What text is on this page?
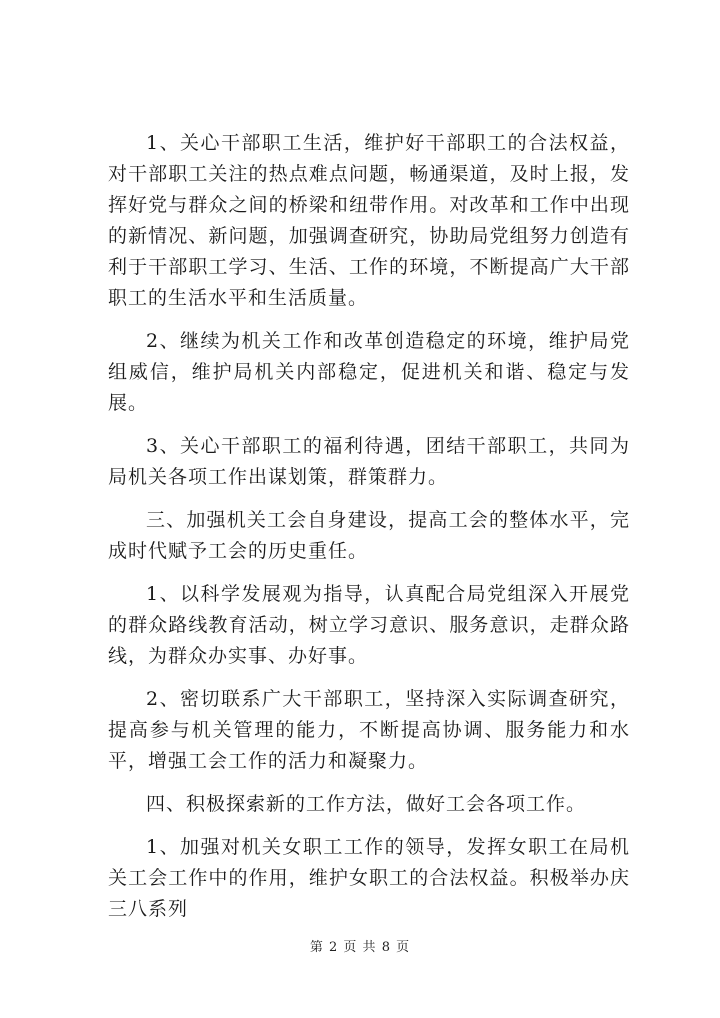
1、关心干部职工生活，维护好干部职工的合法权益，对干部职工关注的热点难点问题，畅通渠道，及时上报，发挥好党与群众之间的桥梁和纽带作用。对改革和工作中出现的新情况、新问题，加强调查研究，协助局党组努力创造有利于干部职工学习、生活、工作的环境，不断提高广大干部职工的生活水平和生活质量。

2、继续为机关工作和改革创造稳定的环境，维护局党组威信，维护局机关内部稳定，促进机关和谐、稳定与发展。

3、关心干部职工的福利待遇，团结干部职工，共同为局机关各项工作出谋划策，群策群力。

三、加强机关工会自身建设，提高工会的整体水平，完成时代赋予工会的历史重任。

1、以科学发展观为指导，认真配合局党组深入开展党的群众路线教育活动，树立学习意识、服务意识，走群众路线，为群众办实事、办好事。

2、密切联系广大干部职工，坚持深入实际调查研究，提高参与机关管理的能力，不断提高协调、服务能力和水平，增强工会工作的活力和凝聚力。

四、积极探索新的工作方法，做好工会各项工作。

1、加强对机关女职工工作的领导，发挥女职工在局机关工会工作中的作用，维护女职工的合法权益。积极举办庆三八系列

第 2 页 共 8 页
